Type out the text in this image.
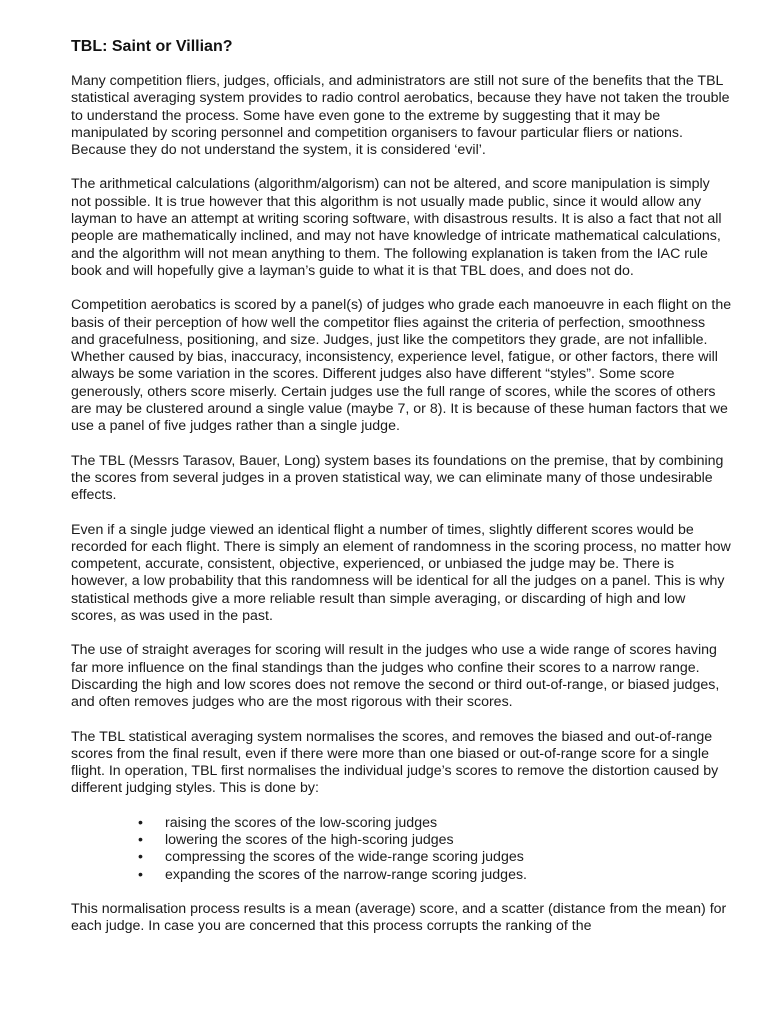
TBL: Saint or Villian?

Many competition fliers, judges, officials, and administrators are still not sure of the benefits that the TBL statistical averaging system provides to radio control aerobatics, because they have not taken the trouble to understand the process. Some have even gone to the extreme by suggesting that it may be manipulated by scoring personnel and competition organisers to favour particular fliers or nations. Because they do not understand the system, it is considered ‘evil’.

The arithmetical calculations (algorithm/algorism) can not be altered, and score manipulation is simply not possible. It is true however that this algorithm is not usually made public, since it would allow any layman to have an attempt at writing scoring software, with disastrous results. It is also a fact that not all people are mathematically inclined, and may not have knowledge of intricate mathematical calculations, and the algorithm will not mean anything to them. The following explanation is taken from the IAC rule book and will hopefully give a layman’s guide to what it is that TBL does, and does not do.

Competition aerobatics is scored by a panel(s) of judges who grade each manoeuvre in each flight on the basis of their perception of how well the competitor flies against the criteria of perfection, smoothness and gracefulness, positioning, and size. Judges, just like the competitors they grade, are not infallible. Whether caused by bias, inaccuracy, inconsistency, experience level, fatigue, or other factors, there will always be some variation in the scores. Different judges also have different “styles”. Some score generously, others score miserly. Certain judges use the full range of scores, while the scores of others are may be clustered around a single value (maybe 7, or 8). It is because of these human factors that we use a panel of five judges rather than a single judge.

The TBL (Messrs Tarasov, Bauer, Long) system bases its foundations on the premise, that by combining the scores from several judges in a proven statistical way, we can eliminate many of those undesirable effects.

Even if a single judge viewed an identical flight a number of times, slightly different scores would be recorded for each flight. There is simply an element of randomness in the scoring process, no matter how competent, accurate, consistent, objective, experienced, or unbiased the judge may be. There is however, a low probability that this randomness will be identical for all the judges on a panel. This is why statistical methods give a more reliable result than simple averaging, or discarding of high and low scores, as was used in the past.

The use of straight averages for scoring will result in the judges who use a wide range of scores having far more influence on the final standings than the judges who confine their scores to a narrow range. Discarding the high and low scores does not remove the second or third out-of-range, or biased judges, and often removes judges who are the most rigorous with their scores.

The TBL statistical averaging system normalises the scores, and removes the biased and out-of-range scores from the final result, even if there were more than one biased or out-of-range score for a single flight. In operation, TBL first normalises the individual judge’s scores to remove the distortion caused by different judging styles. This is done by:

• raising the scores of the low-scoring judges
• lowering the scores of the high-scoring judges
• compressing the scores of the wide-range scoring judges
• expanding the scores of the narrow-range scoring judges.

This normalisation process results is a mean (average) score, and a scatter (distance from the mean) for each judge. In case you are concerned that this process corrupts the ranking of the
